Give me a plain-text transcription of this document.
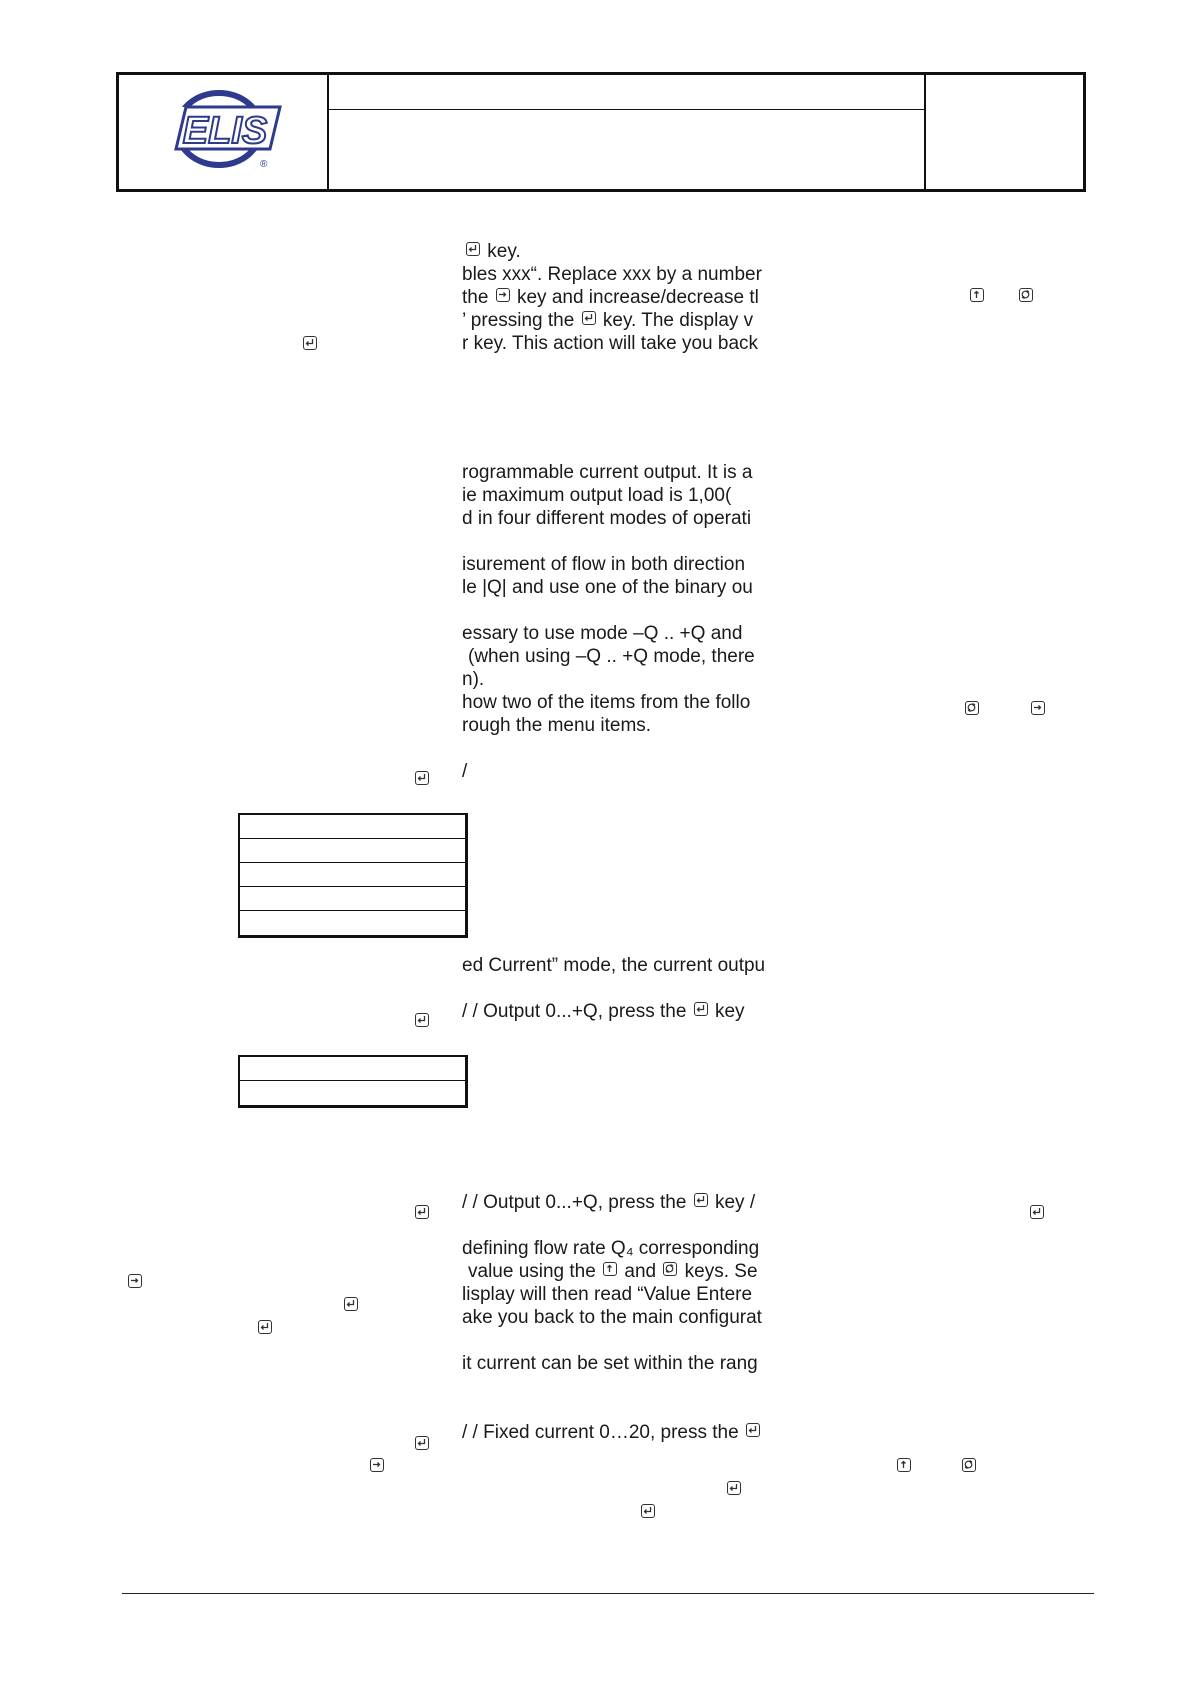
ELIS
®
key.
bles xxx“. Replace xxx by a number
the key and increase/decrease tl
’ pressing the key. The display v
r key. This action will take you back
rogrammable current output. It is a
ie maximum output load is 1,00(
d in four different modes of operati
isurement of flow in both direction
le |Q| and use one of the binary ou
essary to use mode –Q .. +Q and
(when using –Q .. +Q mode, there
n).
how two of the items from the follo
rough the menu items.
/
ed Current” mode, the current outpu
/ / Output 0...+Q, press the key
/ / Output 0...+Q, press the key /
defining flow rate Q₄ corresponding
value using the and keys. Se
lisplay will then read “Value Entere
ake you back to the main configurat
it current can be set within the rang
/ / Fixed current 0…20, press the
